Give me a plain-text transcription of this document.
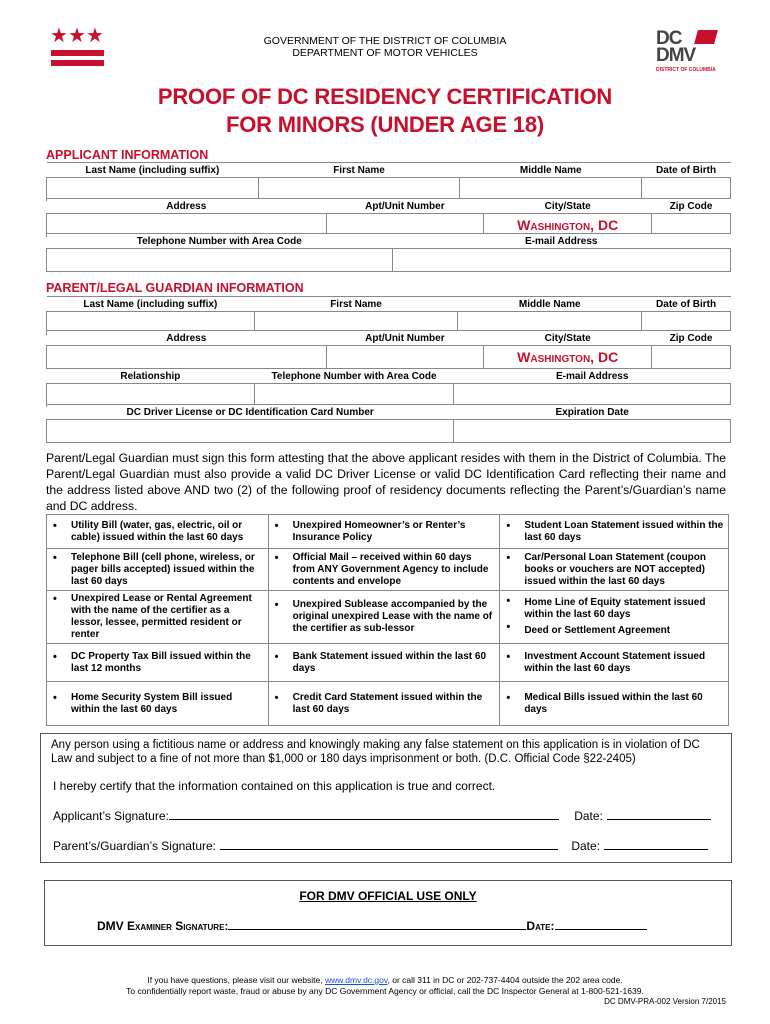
★ ★ ★	GOVERNMENT OF THE DISTRICT OF COLUMBIA
DEPARTMENT OF MOTOR VEHICLES
DC DMV
DISTRICT OF COLUMBIA
PROOF OF DC RESIDENCY CERTIFICATION
FOR MINORS (UNDER AGE 18)
APPLICANT INFORMATION
Last Name (including suffix)	First Name	Middle Name	Date of Birth

Address	Apt/Unit Number	City/State	Zip Code
		Washington, DC	
Telephone Number with Area Code	E-mail Address

PARENT/LEGAL GUARDIAN INFORMATION
Last Name (including suffix)	First Name	Middle Name	Date of Birth

Address	Apt/Unit Number	City/State	Zip Code
		Washington, DC	
Relationship	Telephone Number with Area Code	E-mail Address

DC Driver License or DC Identification Card Number	Expiration Date

Parent/Legal Guardian must sign this form attesting that the above applicant resides with them in the District of Columbia. The Parent/Legal Guardian must also provide a valid DC Driver License or valid DC Identification Card reflecting their name and the address listed above AND two (2) of the following proof of residency documents reflecting the Parent’s/Guardian’s name and DC address.
• Utility Bill (water, gas, electric, oil or cable) issued within the last 60 days	• Unexpired Homeowner’s or Renter’s Insurance Policy	• Student Loan Statement issued within the last 60 days

• Telephone Bill (cell phone, wireless, or pager bills accepted) issued within the last 60 days	• Official Mail – received within 60 days from ANY Government Agency to include contents and envelope	• Car/Personal Loan Statement (coupon books or vouchers are NOT accepted) issued within the last 60 days

• Unexpired Lease or Rental Agreement with the name of the certifier as a lessor, lessee, permitted resident or renter	• Unexpired Sublease accompanied by the original unexpired Lease with the name of the certifier as sub-lessor	• Home Line of Equity statement issued within the last 60 days
• Deed or Settlement Agreement

• DC Property Tax Bill issued within the last 12 months	• Bank Statement issued within the last 60 days	• Investment Account Statement issued within the last 60 days

• Home Security System Bill issued within the last 60 days	• Credit Card Statement issued within the last 60 days	• Medical Bills issued within the last 60 days
Any person using a fictitious name or address and knowingly making any false statement on this application is in violation of DC Law and subject to a fine of not more than $1,000 or 180 days imprisonment or both. (D.C. Official Code §22-2405)
I hereby certify that the information contained on this application is true and correct.
Applicant’s Signature:	Date:
Parent’s/Guardian’s Signature:	Date:
FOR DMV OFFICIAL USE ONLY
DMV Examiner Signature:	Date:
If you have questions, please visit our website, www.dmv.dc.gov, or call 311 in DC or 202-737-4404 outside the 202 area code.
To confidentially report waste, fraud or abuse by any DC Government Agency or official, call the DC Inspector General at 1-800-521-1639.
DC DMV-PRA-002 Version 7/2015
